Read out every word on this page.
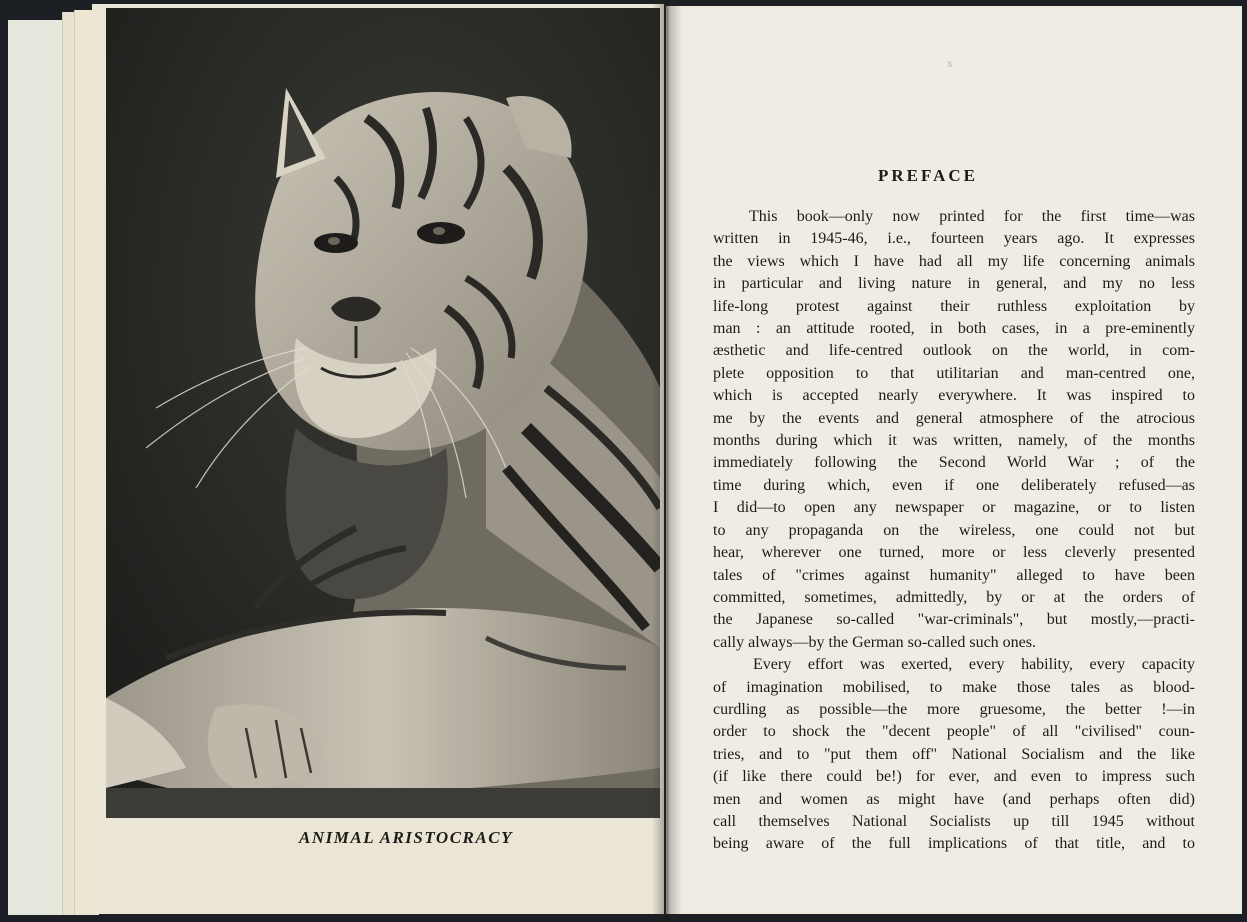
ANIMAL ARISTOCRACY
x
PREFACE
This book—only now printed for the first time—was
written in 1945-46, i.e., fourteen years ago. It expresses
the views which I have had all my life concerning animals
in particular and living nature in general, and my no less
life-long protest against their ruthless exploitation by
man : an attitude rooted, in both cases, in a pre-eminently
æsthetic and life-centred outlook on the world, in com-
plete opposition to that utilitarian and man-centred one,
which is accepted nearly everywhere. It was inspired to
me by the events and general atmosphere of the atrocious
months during which it was written, namely, of the months
immediately following the Second World War ; of the
time during which, even if one deliberately refused—as
I did—to open any newspaper or magazine, or to listen
to any propaganda on the wireless, one could not but
hear, wherever one turned, more or less cleverly presented
tales of "crimes against humanity" alleged to have been
committed, sometimes, admittedly, by or at the orders of
the Japanese so-called "war-criminals", but mostly,—practi-
cally always—by the German so-called such ones.
Every effort was exerted, every hability, every capacity
of imagination mobilised, to make those tales as blood-
curdling as possible—the more gruesome, the better !—in
order to shock the "decent people" of all "civilised" coun-
tries, and to "put them off" National Socialism and the like
(if like there could be!) for ever, and even to impress such
men and women as might have (and perhaps often did)
call themselves National Socialists up till 1945 without
being aware of the full implications of that title, and to
